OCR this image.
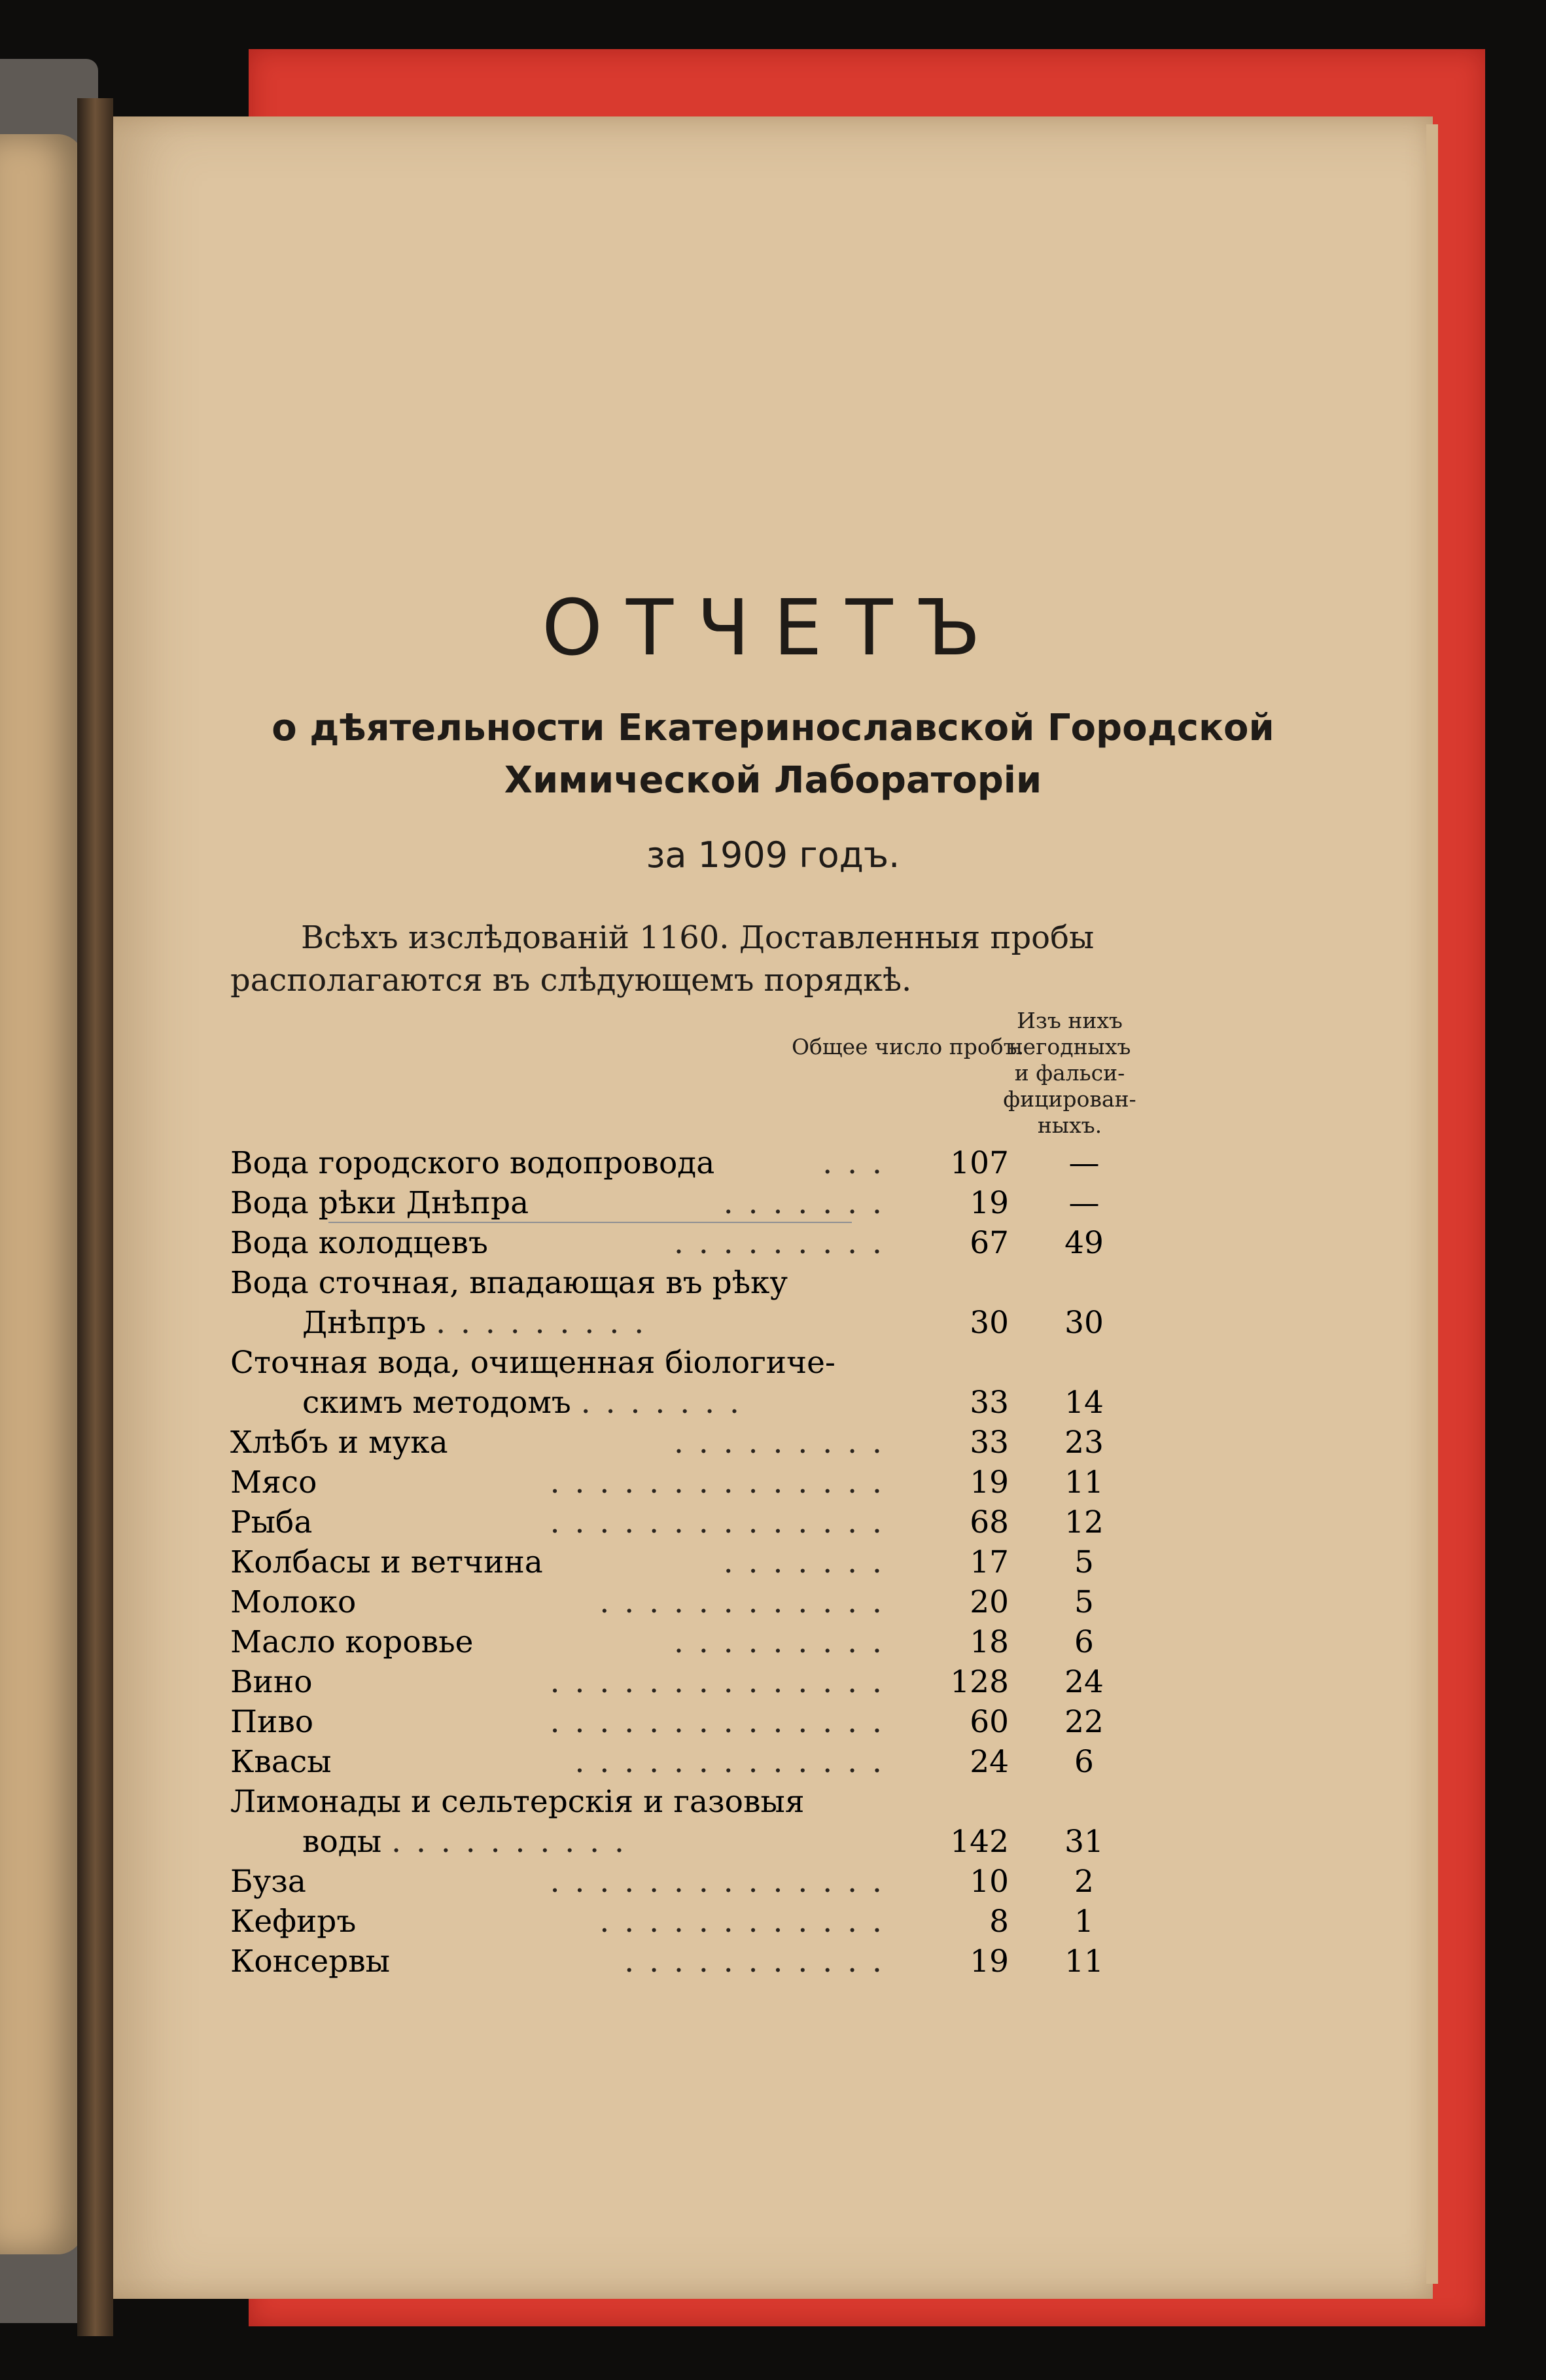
ОТЧЕТЪ
о дѣятельности Екатеринославской Городской
Химической Лабораторіи
за 1909 годъ.
Всѣхъ изслѣдованій 1160. Доставленныя пробы
располагаются въ слѣдующемъ порядкѣ.
Общее число пробъ.
Изъ нихъ негодныхъ и фальси-фицирован-ныхъ.
Вода городского водопровода	. . .	107	—
Вода рѣки Днѣпра	. . . . . . .	19	—
Вода колодцевъ	. . . . . . . . .	67	49
Вода сточная, впадающая въ рѣку
Днѣпръ . . . . . . . . .	30	30
Сточная вода, очищенная біологиче-
скимъ методомъ . . . . . . .	33	14
Хлѣбъ и мука	. . . . . . . . .	33	23
Мясо	. . . . . . . . . . . . . .	19	11
Рыба	. . . . . . . . . . . . . .	68	12
Колбасы и ветчина	. . . . . . .	17	5
Молоко	. . . . . . . . . . . .	20	5
Масло коровье	. . . . . . . . .	18	6
Вино	. . . . . . . . . . . . . .	128	24
Пиво	. . . . . . . . . . . . . .	60	22
Квасы	. . . . . . . . . . . . .	24	6
Лимонады и сельтерскія и газовыя
воды . . . . . . . . . .	142	31
Буза	. . . . . . . . . . . . . .	10	2
Кефиръ	. . . . . . . . . . . .	8	1
Консервы	. . . . . . . . . . .	19	11
